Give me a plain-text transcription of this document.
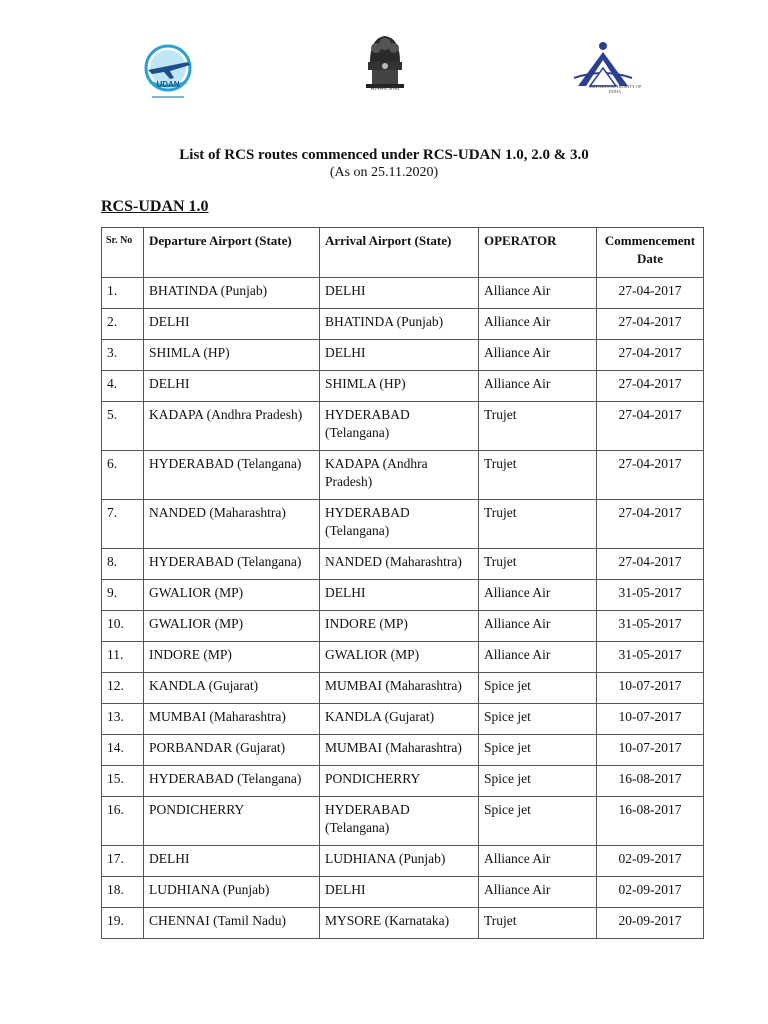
UDAN	सत्यमेव जयते	AIRPORTS AUTHORITY OF INDIA
List of RCS routes commenced under RCS-UDAN 1.0, 2.0 & 3.0
(As on 25.11.2020)
RCS-UDAN 1.0
Sr. No	Departure Airport (State)	Arrival Airport (State)	OPERATOR	Commencement Date
1.	BHATINDA (Punjab)	DELHI	Alliance Air	27-04-2017
2.	DELHI	BHATINDA (Punjab)	Alliance Air	27-04-2017
3.	SHIMLA (HP)	DELHI	Alliance Air	27-04-2017
4.	DELHI	SHIMLA (HP)	Alliance Air	27-04-2017
5.	KADAPA (Andhra Pradesh)	HYDERABAD (Telangana)	Trujet	27-04-2017
6.	HYDERABAD (Telangana)	KADAPA (Andhra Pradesh)	Trujet	27-04-2017
7.	NANDED (Maharashtra)	HYDERABAD (Telangana)	Trujet	27-04-2017
8.	HYDERABAD (Telangana)	NANDED (Maharashtra)	Trujet	27-04-2017
9.	GWALIOR (MP)	DELHI	Alliance Air	31-05-2017
10.	GWALIOR (MP)	INDORE (MP)	Alliance Air	31-05-2017
11.	INDORE (MP)	GWALIOR (MP)	Alliance Air	31-05-2017
12.	KANDLA (Gujarat)	MUMBAI (Maharashtra)	Spice jet	10-07-2017
13.	MUMBAI (Maharashtra)	KANDLA (Gujarat)	Spice jet	10-07-2017
14.	PORBANDAR (Gujarat)	MUMBAI (Maharashtra)	Spice jet	10-07-2017
15.	HYDERABAD (Telangana)	PONDICHERRY	Spice jet	16-08-2017
16.	PONDICHERRY	HYDERABAD (Telangana)	Spice jet	16-08-2017
17.	DELHI	LUDHIANA (Punjab)	Alliance Air	02-09-2017
18.	LUDHIANA (Punjab)	DELHI	Alliance Air	02-09-2017
19.	CHENNAI (Tamil Nadu)	MYSORE (Karnataka)	Trujet	20-09-2017
